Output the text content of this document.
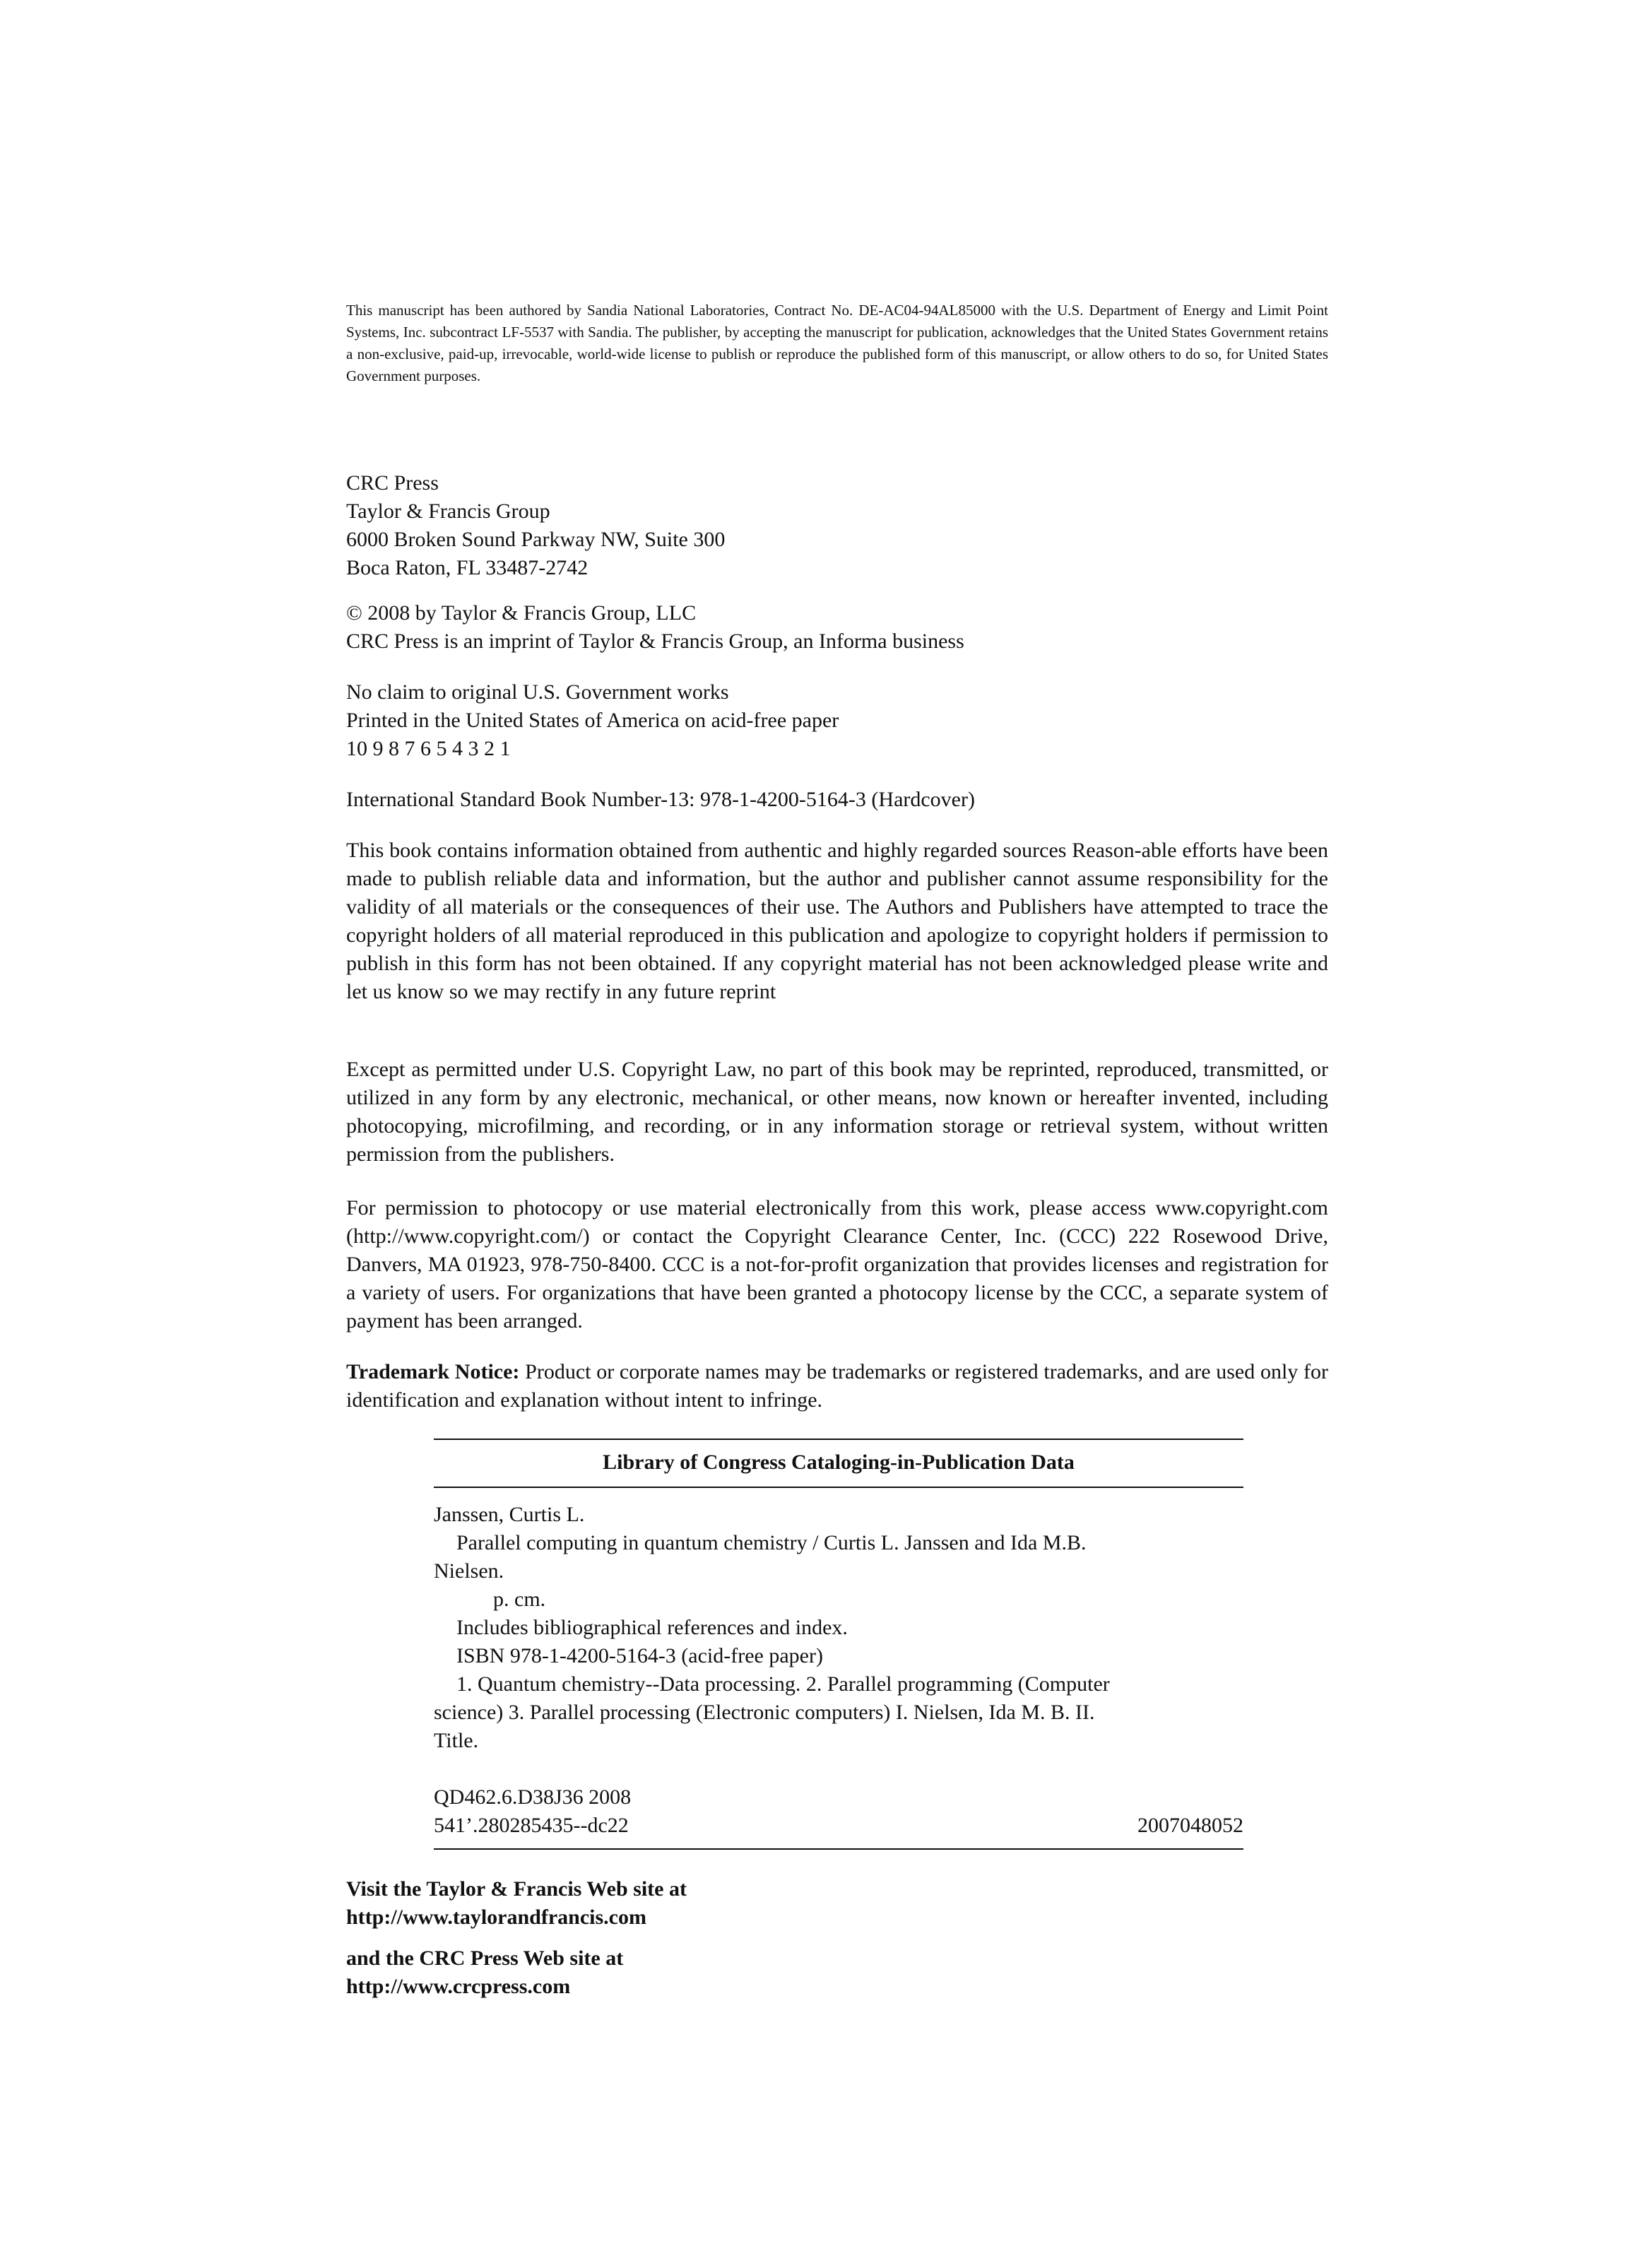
This manuscript has been authored by Sandia National Laboratories, Contract No. DE-AC04-94AL85000 with the U.S. Department of Energy and Limit Point Systems, Inc. subcontract LF-5537 with Sandia. The publisher, by accepting the manuscript for publication, acknowledges that the United States Government retains a non-exclusive, paid-up, irrevocable, world-wide license to publish or reproduce the published form of this manuscript, or allow others to do so, for United States Government purposes.

CRC Press

Taylor & Francis Group

6000 Broken Sound Parkway NW, Suite 300

Boca Raton, FL 33487-2742

© 2008 by Taylor & Francis Group, LLC

CRC Press is an imprint of Taylor & Francis Group, an Informa business

No claim to original U.S. Government works

Printed in the United States of America on acid-free paper

10 9 8 7 6 5 4 3 2 1

International Standard Book Number-13: 978-1-4200-5164-3 (Hardcover)

This book contains information obtained from authentic and highly regarded sources Reason-able efforts have been made to publish reliable data and information, but the author and publisher cannot assume responsibility for the validity of all materials or the consequences of their use. The Authors and Publishers have attempted to trace the copyright holders of all material reproduced in this publication and apologize to copyright holders if permission to publish in this form has not been obtained. If any copyright material has not been acknowledged please write and let us know so we may rectify in any future reprint

Except as permitted under U.S. Copyright Law, no part of this book may be reprinted, reproduced, transmitted, or utilized in any form by any electronic, mechanical, or other means, now known or hereafter invented, including photocopying, microfilming, and recording, or in any information storage or retrieval system, without written permission from the publishers.

For permission to photocopy or use material electronically from this work, please access www.copyright.com (http://www.copyright.com/) or contact the Copyright Clearance Center, Inc. (CCC) 222 Rosewood Drive, Danvers, MA 01923, 978-750-8400. CCC is a not-for-profit organization that provides licenses and registration for a variety of users. For organizations that have been granted a photocopy license by the CCC, a separate system of payment has been arranged.

Trademark Notice: Product or corporate names may be trademarks or registered trademarks, and are used only for identification and explanation without intent to infringe.

Library of Congress Cataloging-in-Publication Data

Janssen, Curtis L.

Parallel computing in quantum chemistry / Curtis L. Janssen and Ida M.B.

Nielsen.

p. cm.

Includes bibliographical references and index.

ISBN 978-1-4200-5164-3 (acid-free paper)

1. Quantum chemistry--Data processing. 2. Parallel programming (Computer

science) 3. Parallel processing (Electronic computers) I. Nielsen, Ida M. B. II.

Title.

QD462.6.D38J36 2008

541’.280285435--dc22	2007048052

Visit the Taylor & Francis Web site at

http://www.taylorandfrancis.com

and the CRC Press Web site at

http://www.crcpress.com
